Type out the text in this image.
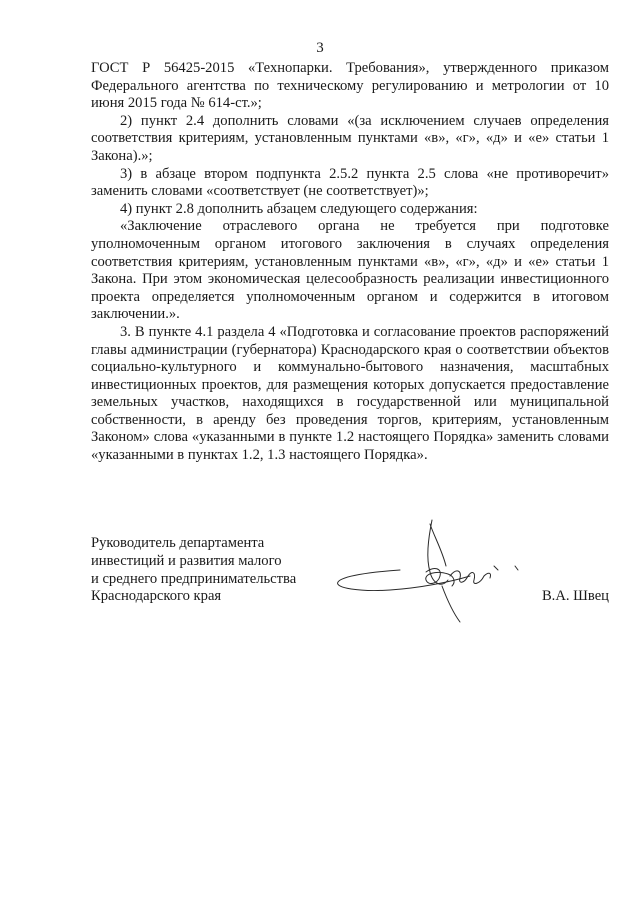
3

ГОСТ Р 56425-2015 «Технопарки. Требования», утвержденного приказом Федерального агентства по техническому регулированию и метрологии от 10 июня 2015 года № 614-ст.»;

2) пункт 2.4 дополнить словами «(за исключением случаев определения соответствия критериям, установленным пунктами «в», «г», «д» и «е» статьи 1 Закона).»;

3) в абзаце втором подпункта 2.5.2 пункта 2.5 слова «не противоречит» заменить словами «соответствует (не соответствует)»;

4) пункт 2.8 дополнить абзацем следующего содержания:

«Заключение отраслевого органа не требуется при подготовке уполномоченным органом итогового заключения в случаях определения соответствия критериям, установленным пунктами «в», «г», «д» и «е» статьи 1 Закона. При этом экономическая целесообразность реализации инвестиционного проекта определяется уполномоченным органом и содержится в итоговом заключении.».

3. В пункте 4.1 раздела 4 «Подготовка и согласование проектов распоряжений главы администрации (губернатора) Краснодарского края о соответствии объектов социально-культурного и коммунально-бытового назначения, масштабных инвестиционных проектов, для размещения которых допускается предоставление земельных участков, находящихся в государственной или муниципальной собственности, в аренду без проведения торгов, критериям, установленным Законом» слова «указанными в пункте 1.2 настоящего Порядка» заменить словами «указанными в пунктах 1.2, 1.3 настоящего Порядка».

Руководитель департамента
инвестиций и развития малого
и среднего предпринимательства
Краснодарского края	В.А. Швец
